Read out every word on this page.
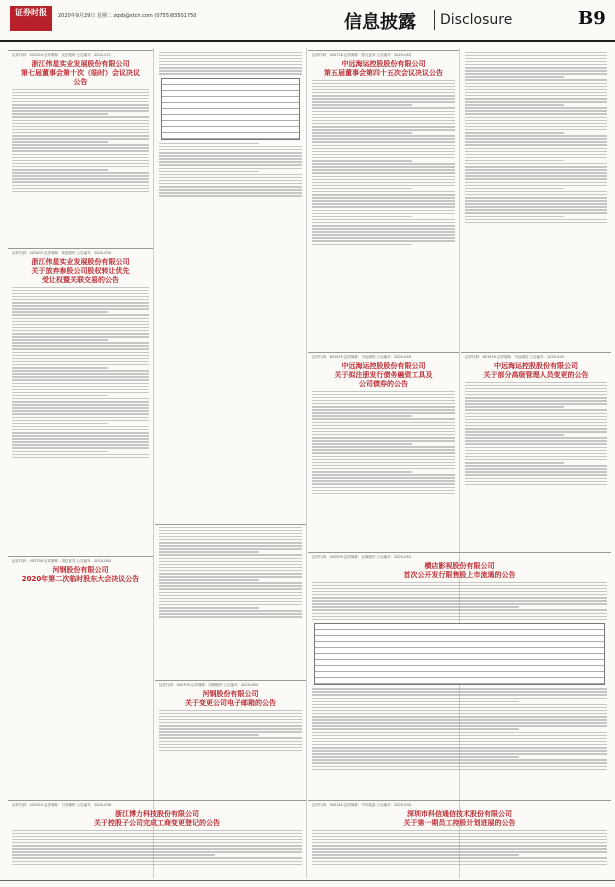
证券时报	2020年9月29日 星期二 zqsb@stcn.com (0755)83501750	信息披露 Disclosure	B9
证券代码：002524 证券简称：光正眼科 公告编号：2020-071
浙江伟星实业发展股份有限公司
第七届董事会第十次（临时）会议决议
公告
证券代码：002003 证券简称：伟星股份 公告编号：2020-030
浙江伟星实业发展股份有限公司
关于放弃参股公司股权转让优先
受让权暨关联交易的公告
证券代码：002736 证券简称：国信证券 公告编号：2020-084
河钢股份有限公司
2020年第二次临时股东大会决议公告
证券代码：002520 证券简称：日发精机 公告编号：2020-058
浙江博力科技股份有限公司
关于控股子公司完成工商变更登记的公告
证券代码：000709 证券简称：河钢股份 公告编号：2020-064
河钢股份有限公司
关于变更公司电子邮箱的公告
证券代码：000728 证券简称：国元证券 公告编号：2020-063
中远海运控股股份有限公司
第五届董事会第四十五次会议决议公告
证券代码：601919 证券简称：中远海控 公告编号：2020-049
中远海运控股股份有限公司
关于拟注册发行债务融资工具及
公司债券的公告
证券代码：601919 证券简称：中远海控 公告编号：2020-050
中远海运控股股份有限公司
关于部分高级管理人员变更的公告
证券代码：002559 证券简称：亚威股份 公告编号：2020-055
横店影视股份有限公司
首次公开发行限售股上市流通的公告
证券代码：300140 证券简称：中环装备 公告编号：2020-030
深圳市科信通信技术股份有限公司
关于第一期员工持股计划进展的公告
